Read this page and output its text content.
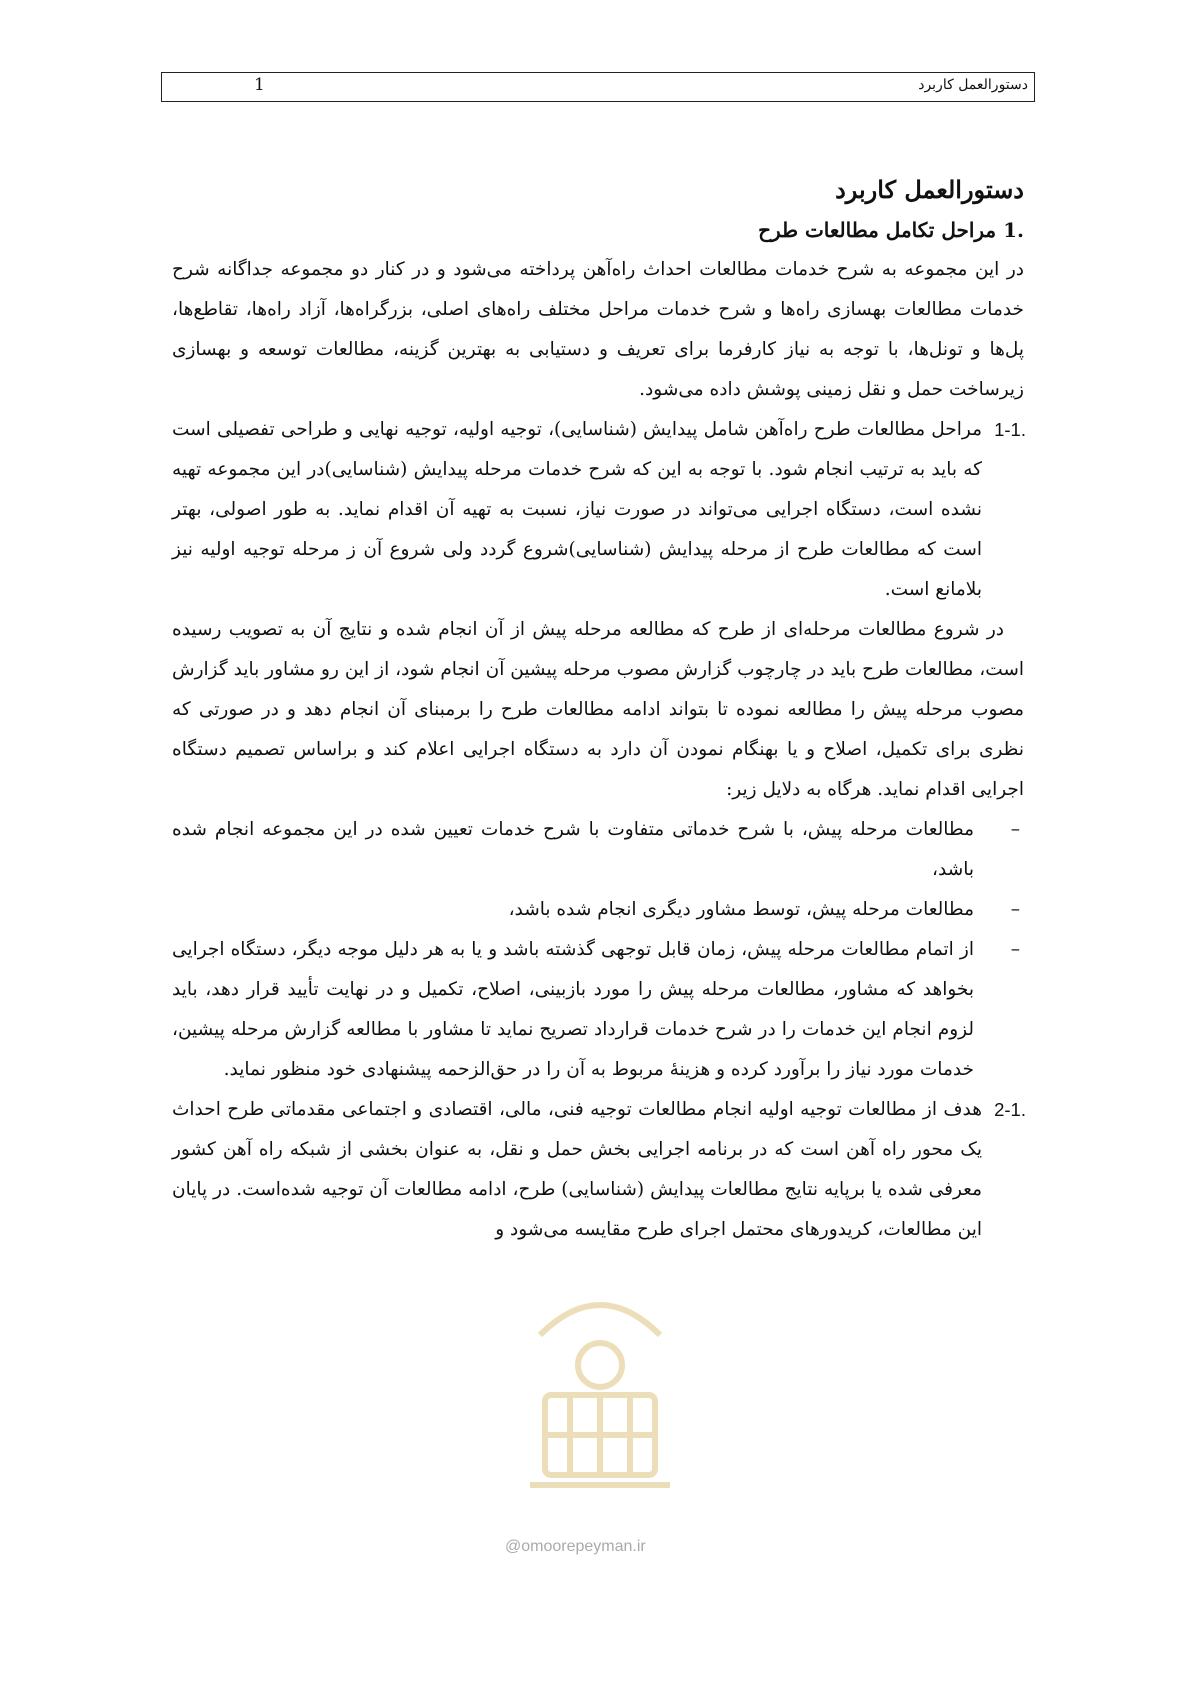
1	دستورالعمل کاربرد
دستورالعمل کاربرد
1. مراحل تکامل مطالعات طرح

در این مجموعه به شرح خدمات مطالعات احداث راه‌آهن پرداخته می‌شود و در کنار دو مجموعه جداگانه شرح خدمات مطالعات بهسازی راه‌ها و شرح خدمات مراحل مختلف راه‌های اصلی، بزرگراه‌ها، آزاد راه‌ها، تقاطع‌ها، پل‌ها و تونل‌ها، با توجه به نیاز کارفرما برای تعریف و دستیابی به بهترین گزینه، مطالعات توسعه و بهسازی زیرساخت حمل و نقل زمینی پوشش داده می‌شود.

1-1.
مراحل مطالعات طرح راه‌آهن شامل پیدایش (شناسایی)، توجیه اولیه، توجیه نهایی و طراحی تفصیلی است که باید به ترتیب انجام شود. با توجه به این که شرح خدمات مرحله پیدایش (شناسایی)در این مجموعه تهیه نشده است، دستگاه اجرایی می‌تواند در صورت نیاز، نسبت به تهیه آن اقدام نماید. به طور اصولی، بهتر است که مطالعات طرح از مرحله پیدایش (شناسایی)شروع گردد ولی شروع آن ز مرحله توجیه اولیه نیز بلامانع است.

در شروع مطالعات مرحله‌ای از طرح که مطالعه مرحله پیش از آن انجام شده و نتایج آن به تصویب رسیده است، مطالعات طرح باید در چارچوب گزارش مصوب مرحله پیشین آن انجام شود، از این رو مشاور باید گزارش مصوب مرحله پیش را مطالعه نموده تا بتواند ادامه مطالعات طرح را برمبنای آن انجام دهد و در صورتی که نظری برای تکمیل، اصلاح و یا بهنگام نمودن آن دارد به دستگاه اجرایی اعلام کند و براساس تصمیم دستگاه اجرایی اقدام نماید. هرگاه به دلایل زیر:

–
مطالعات مرحله پیش، با شرح خدماتی متفاوت با شرح خدمات تعیین شده در این مجموعه انجام شده باشد،
–
مطالعات مرحله پیش، توسط مشاور دیگری انجام شده باشد،
–
از اتمام مطالعات مرحله پیش، زمان قابل توجهی گذشته باشد و یا به هر دلیل موجه دیگر، دستگاه اجرایی بخواهد که مشاور، مطالعات مرحله پیش را مورد بازبینی، اصلاح، تکمیل و در نهایت تأیید قرار دهد، باید لزوم انجام این خدمات را در شرح خدمات قرارداد تصریح نماید تا مشاور با مطالعه گزارش مرحله پیشین، خدمات مورد نیاز را برآورد کرده و هزینهٔ مربوط به آن را در حق‌الزحمه پیشنهادی خود منظور نماید.
2-1.
هدف از مطالعات توجیه اولیه انجام مطالعات توجیه فنی، مالی، اقتصادی و اجتماعی مقدماتی طرح احداث یک محور راه آهن است که در برنامه اجرایی بخش حمل و نقل، به عنوان بخشی از شبکه راه آهن کشور معرفی شده یا برپایه نتایج مطالعات پیدایش (شناسایی) طرح، ادامه مطالعات آن توجیه شده‌است. در پایان این مطالعات، کریدورهای محتمل اجرای طرح مقایسه می‌شود و
@omoorepeyman.ir
